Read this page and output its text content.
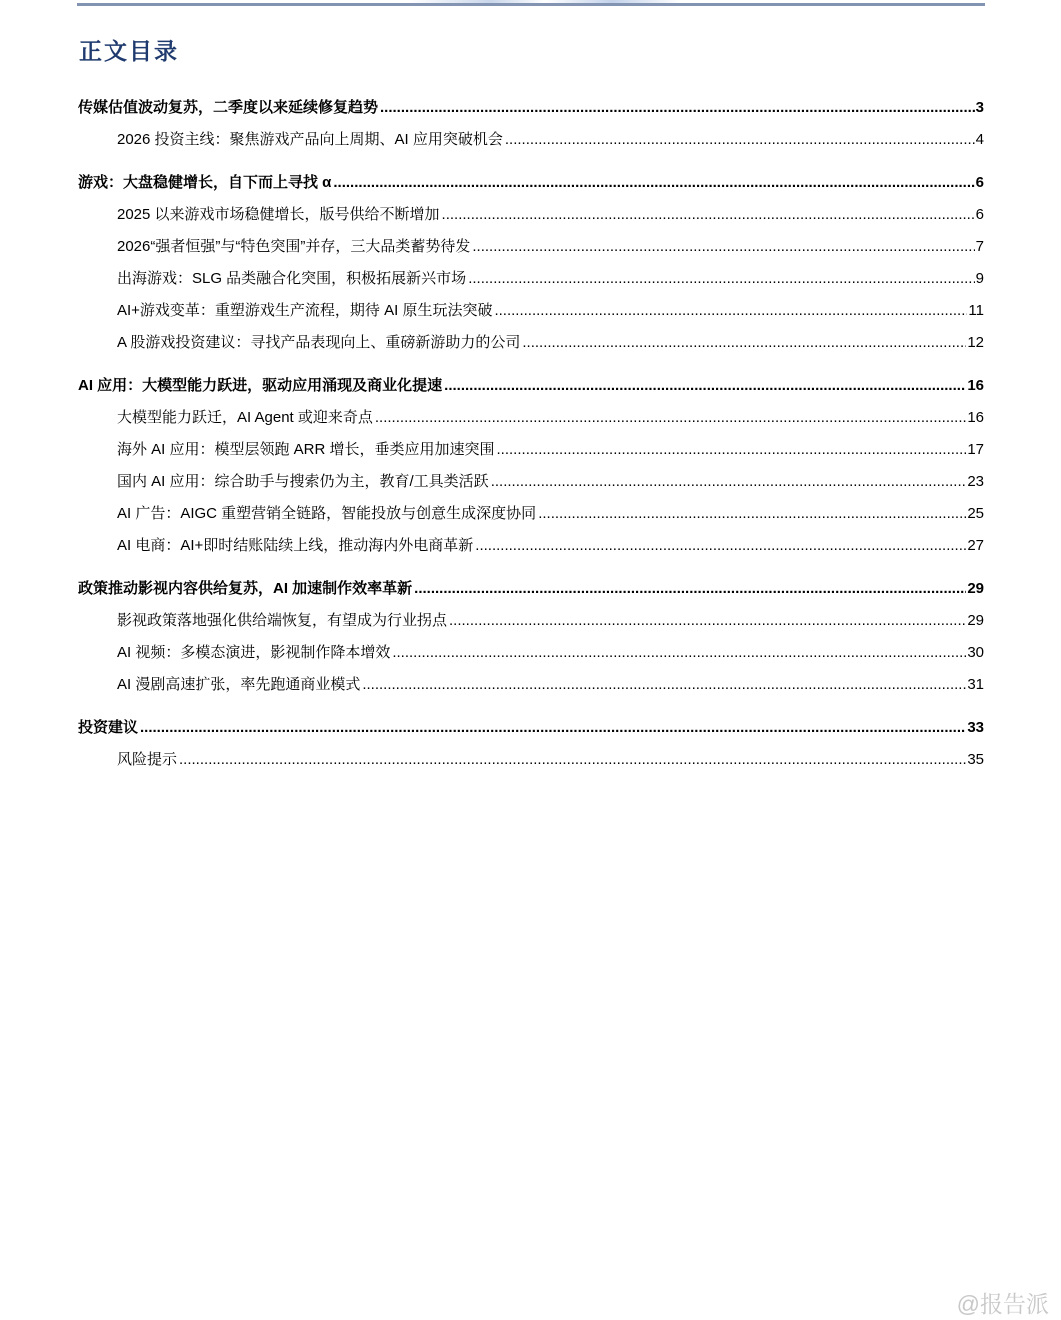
正文目录
传媒估值波动复苏，二季度以来延续修复趋势 .....	3
2026 投资主线：聚焦游戏产品向上周期、AI 应用突破机会 .....	4
游戏：大盘稳健增长，自下而上寻找 α .....	6
2025 以来游戏市场稳健增长，版号供给不断增加 .....	6
2026“强者恒强”与“特色突围”并存，三大品类蓄势待发 .....	7
出海游戏：SLG 品类融合化突围，积极拓展新兴市场 .....	9
AI+游戏变革：重塑游戏生产流程，期待 AI 原生玩法突破 .....	11
A 股游戏投资建议：寻找产品表现向上、重磅新游助力的公司 .....	12
AI 应用：大模型能力跃进，驱动应用涌现及商业化提速 .....	16
大模型能力跃迁，AI Agent 或迎来奇点 .....	16
海外 AI 应用：模型层领跑 ARR 增长，垂类应用加速突围 .....	17
国内 AI 应用：综合助手与搜索仍为主，教育/工具类活跃 .....	23
AI 广告：AIGC 重塑营销全链路，智能投放与创意生成深度协同 .....	25
AI 电商：AI+即时结账陆续上线，推动海内外电商革新 .....	27
政策推动影视内容供给复苏，AI 加速制作效率革新 .....	29
影视政策落地强化供给端恢复，有望成为行业拐点 .....	29
AI 视频：多模态演进，影视制作降本增效 .....	30
AI 漫剧高速扩张，率先跑通商业模式 .....	31
投资建议 .....	33
风险提示 .....	35
@报告派
